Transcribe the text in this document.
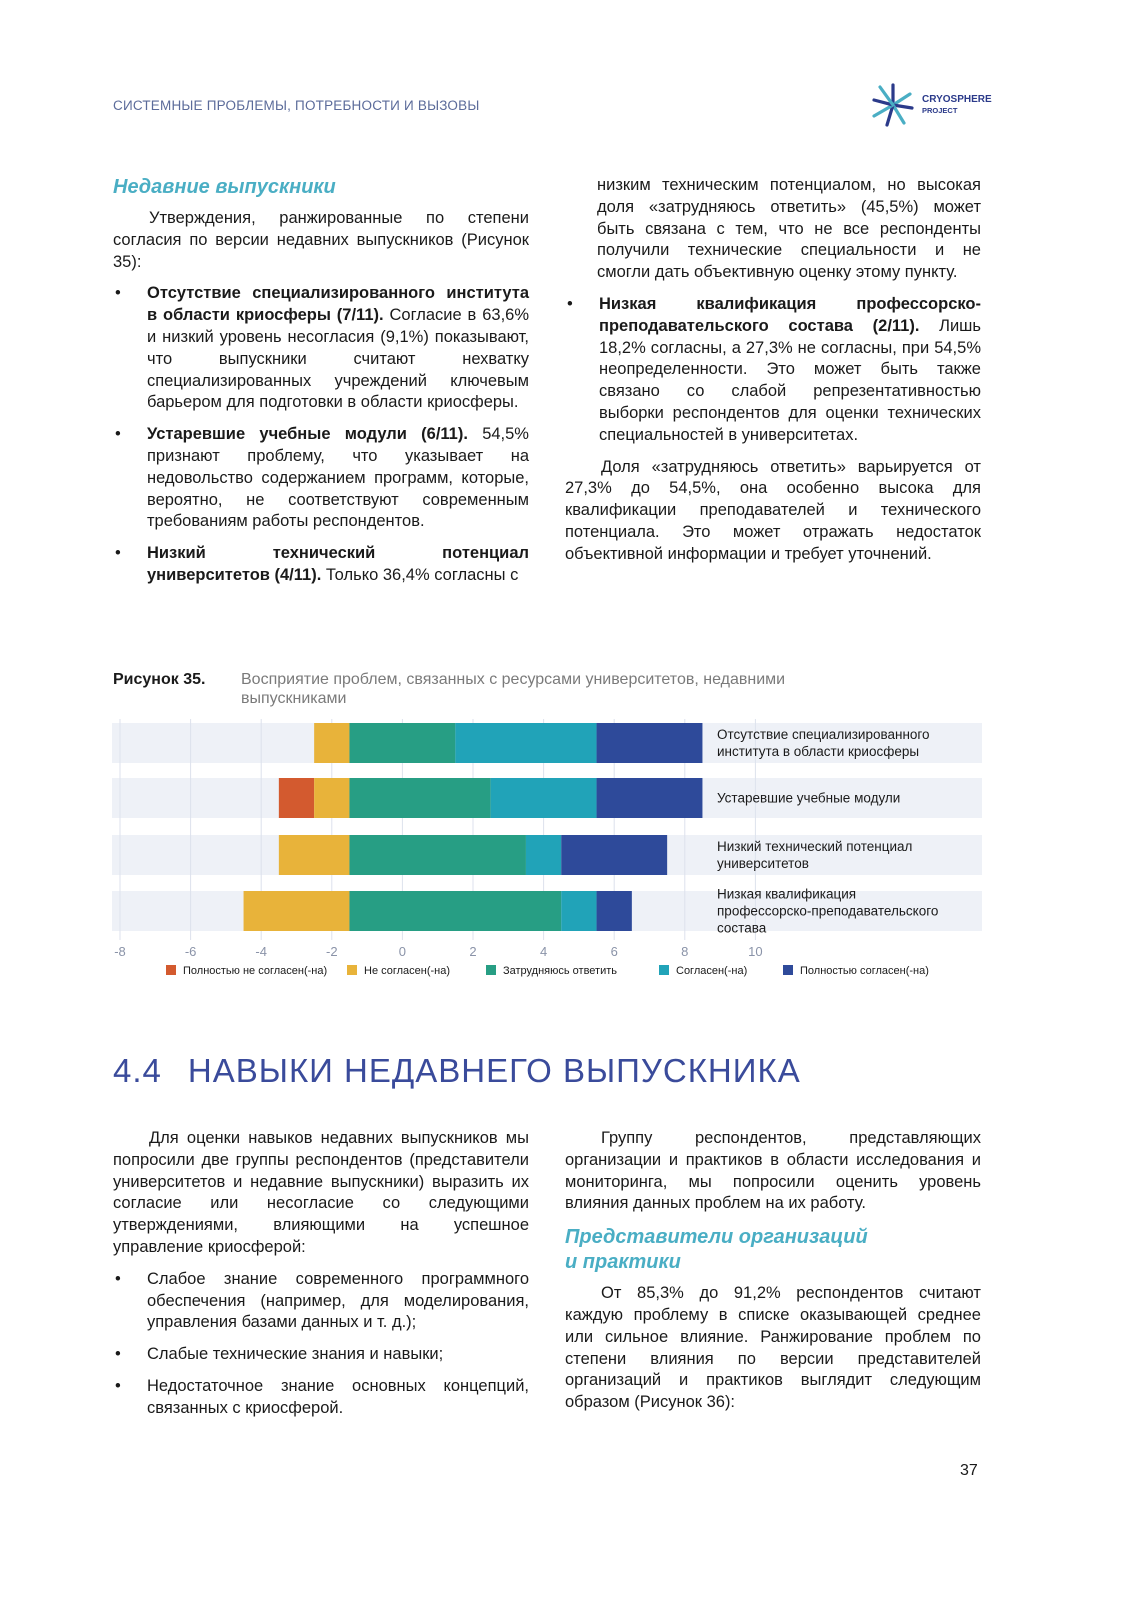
СИСТЕМНЫЕ ПРОБЛЕМЫ, ПОТРЕБНОСТИ И ВЫЗОВЫ	CRYOSPHERE
PROJECT

Недавние выпускники

Утверждения, ранжированные по степени согласия по версии недавних выпускников (Рисунок 35):

• Отсутствие специализированного института в области криосферы (7/11). Согласие в 63,6% и низкий уровень несогласия (9,1%) показывают, что выпускники считают нехватку специализированных учреждений ключевым барьером для подготовки в области криосферы.
• Устаревшие учебные модули (6/11). 54,5% признают проблему, что указывает на недовольство содержанием программ, которые, вероятно, не соответствуют современным требованиям работы респондентов.
• Низкий технический потенциал университетов (4/11). Только 36,4% согласны с

низким техническим потенциалом, но высокая доля «затрудняюсь ответить» (45,5%) может быть связана с тем, что не все респонденты получили технические специальности и не смогли дать объективную оценку этому пункту.

• Низкая квалификация профессорско-преподавательского состава (2/11). Лишь 18,2% согласны, а 27,3% не согласны, при 54,5% неопределенности. Это может быть также связано со слабой репрезентативностью выборки респондентов для оценки технических специальностей в университетах.

Доля «затрудняюсь ответить» варьируется от 27,3% до 54,5%, она особенно высока для квалификации преподавателей и технического потенциала. Это может отражать недостаток объективной информации и требует уточнений.

Рисунок 35. Восприятие проблем, связанных с ресурсами университетов, недавними выпускниками
Отсутствие специализированного института в области криосферы
Устаревшие учебные модули
Низкий технический потенциал университетов
Низкая квалификация профессорско-преподавательского состава
-8	-6	-4	-2	0	2	4	6	8	10
Полностью не согласен(-на)	Не согласен(-на)	Затрудняюсь ответить	Согласен(-на)	Полностью согласен(-на)
4.4 НАВЫКИ НЕДАВНЕГО ВЫПУСКНИКА

Для оценки навыков недавних выпускников мы попросили две группы респондентов (представители университетов и недавние выпускники) выразить их согласие или несогласие со следующими утверждениями, влияющими на успешное управление криосферой:

• Слабое знание современного программного обеспечения (например, для моделирования, управления базами данных и т. д.);
• Слабые технические знания и навыки;
• Недостаточное знание основных концепций, связанных с криосферой.

Группу респондентов, представляющих организации и практиков в области исследования и мониторинга, мы попросили оценить уровень влияния данных проблем на их работу.

Представители организаций
и практики

От 85,3% до 91,2% респондентов считают каждую проблему в списке оказывающей среднее или сильное влияние. Ранжирование проблем по степени влияния по версии представителей организаций и практиков выглядит следующим образом (Рисунок 36):

37
